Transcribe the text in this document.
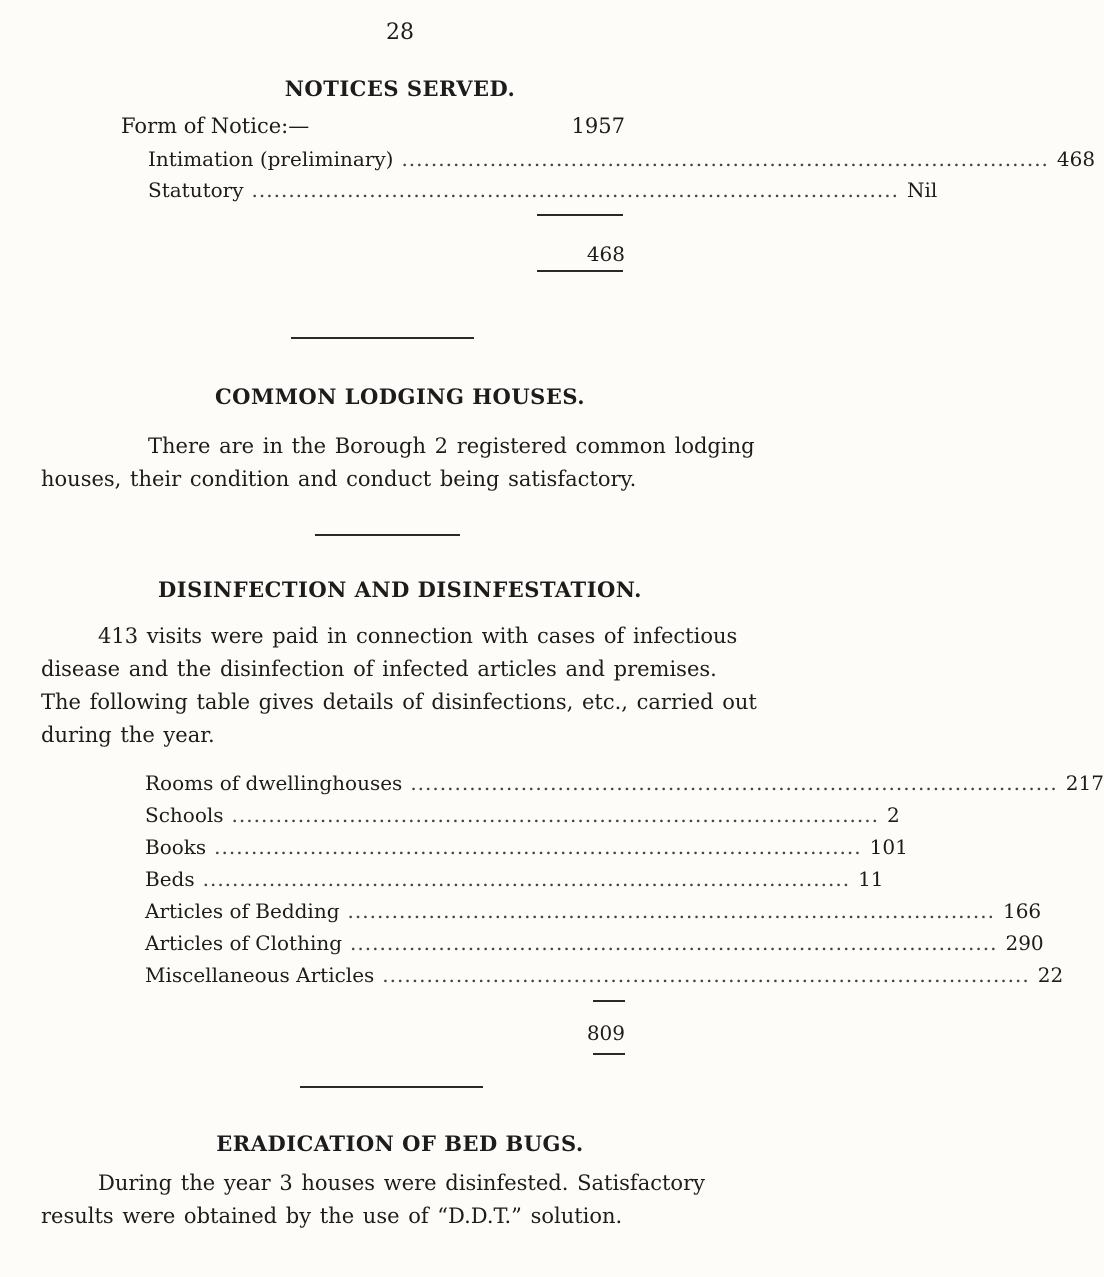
28
NOTICES SERVED.
Form of Notice:—	1957
Intimation (preliminary) ........................................................................................ 468
Statutory ........................................................................................ Nil
468
COMMON LODGING HOUSES.
There are in the Borough 2 registered common lodging
houses, their condition and conduct being satisfactory.
DISINFECTION AND DISINFESTATION.
413 visits were paid in connection with cases of infectious
disease and the disinfection of infected articles and premises.
The following table gives details of disinfections, etc., carried out
during the year.
Rooms of dwellinghouses ........................................................................................ 217
Schools ........................................................................................ 2
Books ........................................................................................ 101
Beds ........................................................................................ 11
Articles of Bedding ........................................................................................ 166
Articles of Clothing ........................................................................................ 290
Miscellaneous Articles ........................................................................................ 22
809
ERADICATION OF BED BUGS.
During the year 3 houses were disinfested. Satisfactory
results were obtained by the use of “D.D.T.” solution.
